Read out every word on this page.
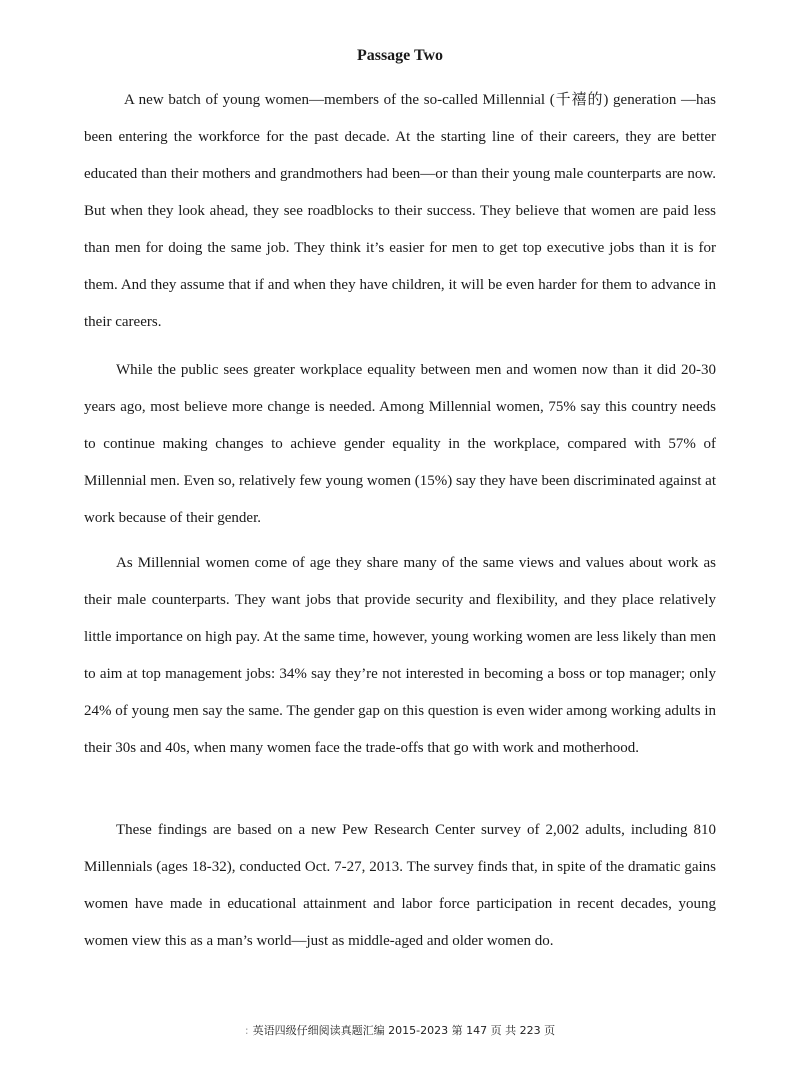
Passage Two

A new batch of young women—members of the so-called Millennial (千禧的) generation —has been entering the workforce for the past decade. At the starting line of their careers, they are better educated than their mothers and grandmothers had been—or than their young male counterparts are now. But when they look ahead, they see roadblocks to their success. They believe that women are paid less than men for doing the same job. They think it’s easier for men to get top executive jobs than it is for them. And they assume that if and when they have children, it will be even harder for them to advance in their careers.

While the public sees greater workplace equality between men and women now than it did 20-30 years ago, most believe more change is needed. Among Millennial women, 75% say this country needs to continue making changes to achieve gender equality in the workplace, compared with 57% of Millennial men. Even so, relatively few young women (15%) say they have been discriminated against at work because of their gender.

As Millennial women come of age they share many of the same views and values about work as their male counterparts. They want jobs that provide security and flexibility, and they place relatively little importance on high pay. At the same time, however, young working women are less likely than men to aim at top management jobs: 34% say they’re not interested in becoming a boss or top manager; only 24% of young men say the same. The gender gap on this question is even wider among working adults in their 30s and 40s, when many women face the trade-offs that go with work and motherhood.

These findings are based on a new Pew Research Center survey of 2,002 adults, including 810 Millennials (ages 18-32), conducted Oct. 7-27, 2013. The survey finds that, in spite of the dramatic gains women have made in educational attainment and labor force participation in recent decades, young women view this as a man’s world—just as middle-aged and older women do.

: 英语四级仔细阅读真题汇编 2015-2023 第 147 页 共 223 页
